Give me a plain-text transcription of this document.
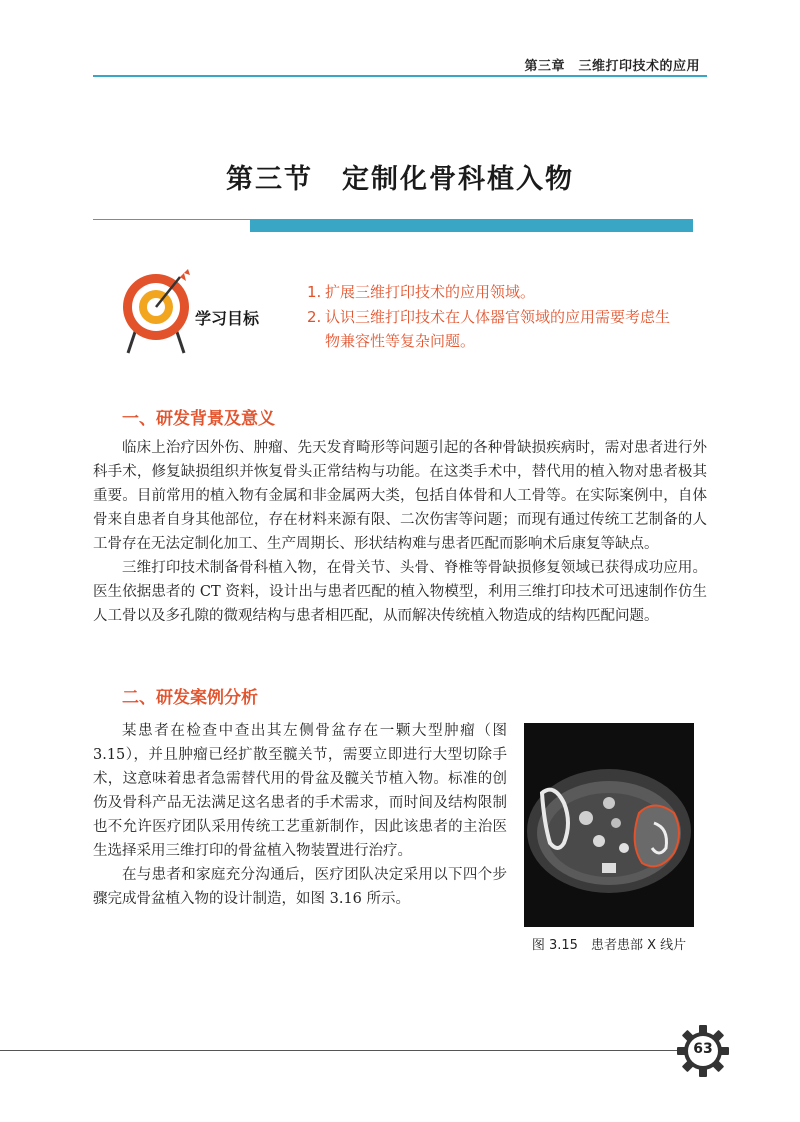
第三章　三维打印技术的应用
第三节　定制化骨科植入物
学习目标
1. 扩展三维打印技术的应用领域。
2. 认识三维打印技术在人体器官领域的应用需要考虑生
物兼容性等复杂问题。
一、研发背景及意义

临床上治疗因外伤、肿瘤、先天发育畸形等问题引起的各种骨缺损疾病时，需对患者进行外科手术，修复缺损组织并恢复骨头正常结构与功能。在这类手术中，替代用的植入物对患者极其重要。目前常用的植入物有金属和非金属两大类，包括自体骨和人工骨等。在实际案例中，自体骨来自患者自身其他部位，存在材料来源有限、二次伤害等问题；而现有通过传统工艺制备的人工骨存在无法定制化加工、生产周期长、形状结构难与患者匹配而影响术后康复等缺点。

三维打印技术制备骨科植入物，在骨关节、头骨、脊椎等骨缺损修复领域已获得成功应用。医生依据患者的 CT 资料，设计出与患者匹配的植入物模型，利用三维打印技术可迅速制作仿生人工骨以及多孔隙的微观结构与患者相匹配，从而解决传统植入物造成的结构匹配问题。

二、研发案例分析

某患者在检查中查出其左侧骨盆存在一颗大型肿瘤（图 3.15），并且肿瘤已经扩散至髋关节，需要立即进行大型切除手术，这意味着患者急需替代用的骨盆及髋关节植入物。标准的创伤及骨科产品无法满足这名患者的手术需求，而时间及结构限制也不允许医疗团队采用传统工艺重新制作，因此该患者的主治医生选择采用三维打印的骨盆植入物装置进行治疗。

在与患者和家庭充分沟通后，医疗团队决定采用以下四个步骤完成骨盆植入物的设计制造，如图 3.16 所示。

图 3.15　患者患部 X 线片
63
